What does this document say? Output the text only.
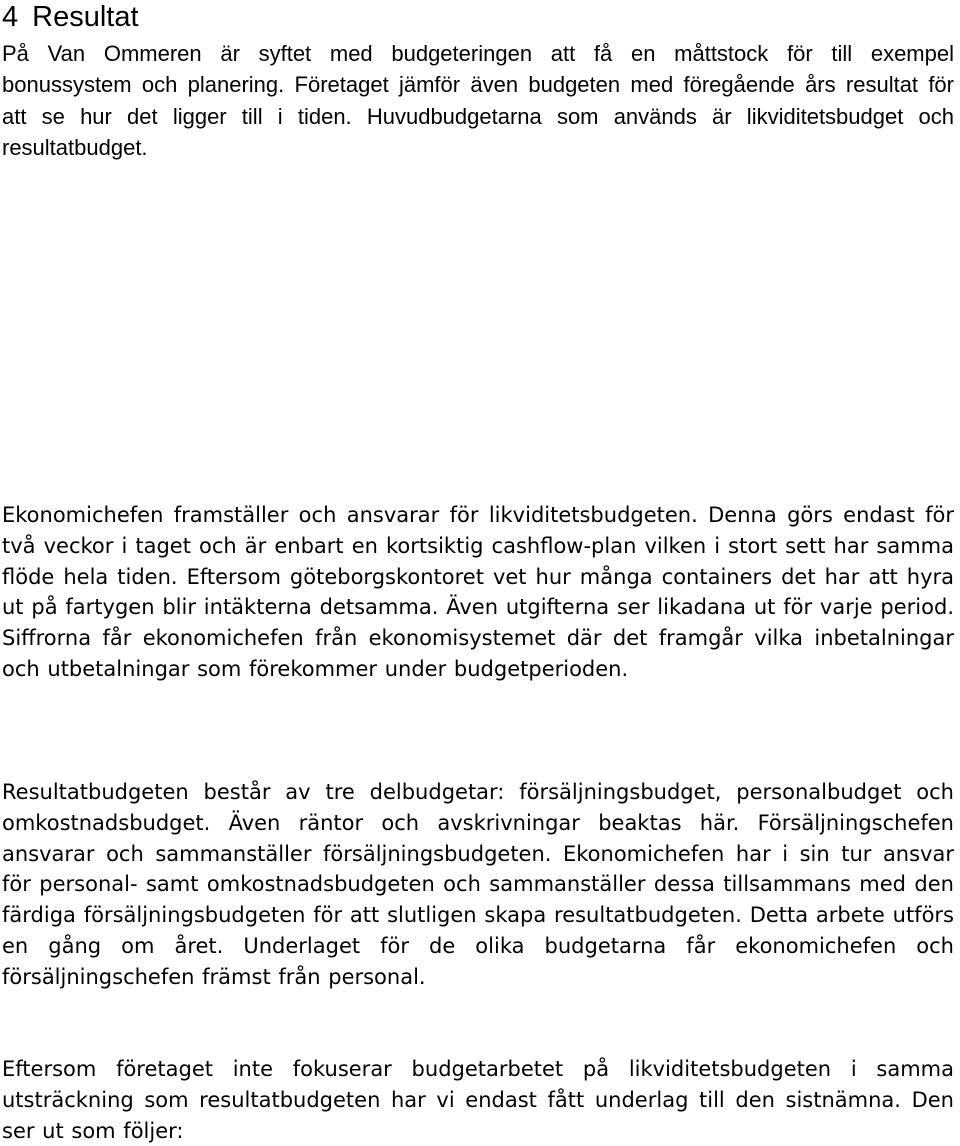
4 Resultat

På Van Ommeren är syftet med budgeteringen att få en måttstock för till exempel bonussystem och planering. Företaget jämför även budgeten med föregående års resultat för att se hur det ligger till i tiden. Huvudbudgetarna som används är likviditetsbudget och resultatbudget.

Ekonomichefen framställer och ansvarar för likviditetsbudgeten. Denna görs endast för två veckor i taget och är enbart en kortsiktig cashflow-plan vilken i stort sett har samma flöde hela tiden. Eftersom göteborgskontoret vet hur många containers det har att hyra ut på fartygen blir intäkterna detsamma. Även utgifterna ser likadana ut för varje period. Siffrorna får ekonomichefen från ekonomisystemet där det framgår vilka inbetalningar och utbetalningar som förekommer under budgetperioden.

Resultatbudgeten består av tre delbudgetar: försäljningsbudget, personalbudget och omkostnadsbudget. Även räntor och avskrivningar beaktas här. Försäljningschefen ansvarar och sammanställer försäljningsbudgeten. Ekonomichefen har i sin tur ansvar för personal- samt omkostnadsbudgeten och sammanställer dessa tillsammans med den färdiga försäljningsbudgeten för att slutligen skapa resultatbudgeten. Detta arbete utförs en gång om året. Underlaget för de olika budgetarna får ekonomichefen och försäljningschefen främst från personal.

Eftersom företaget inte fokuserar budgetarbetet på likviditetsbudgeten i samma utsträckning som resultatbudgeten har vi endast fått underlag till den sistnämna. Den ser ut som följer:
